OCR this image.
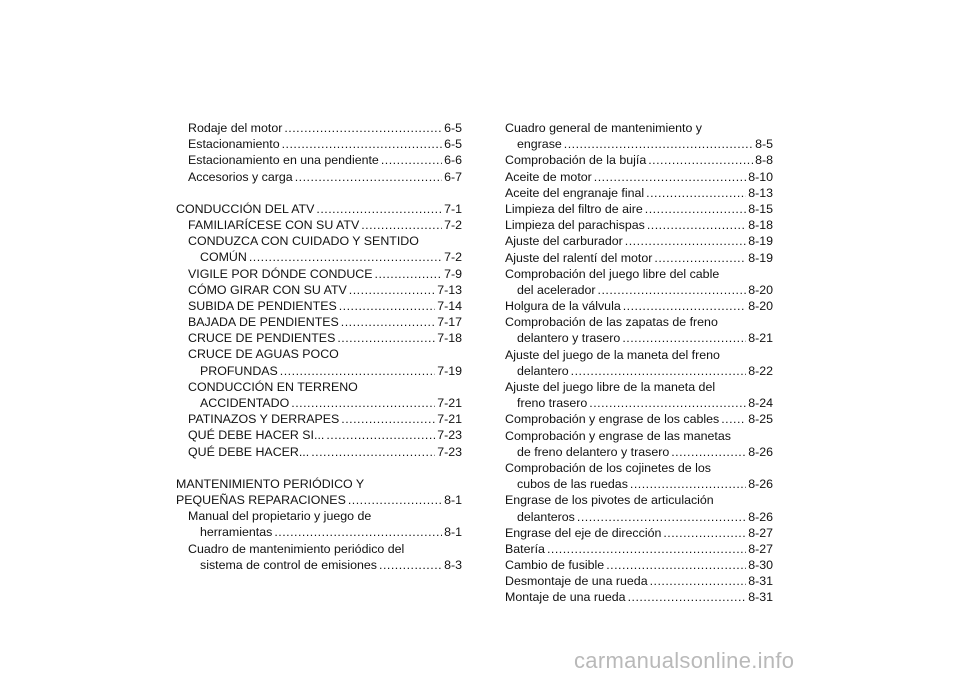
Rodaje del motor .....	6-5
Estacionamiento .....	6-5
Estacionamiento en una pendiente .....	6-6
Accesorios y carga .....	6-7
CONDUCCIÓN DEL ATV .....	7-1
FAMILIARÍCESE CON SU ATV .....	7-2
CONDUZCA CON CUIDADO Y SENTIDO
COMÚN .....	7-2
VIGILE POR DÓNDE CONDUCE .....	7-9
CÓMO GIRAR CON SU ATV .....	7-13
SUBIDA DE PENDIENTES .....	7-14
BAJADA DE PENDIENTES .....	7-17
CRUCE DE PENDIENTES .....	7-18
CRUCE DE AGUAS POCO
PROFUNDAS .....	7-19
CONDUCCIÓN EN TERRENO
ACCIDENTADO .....	7-21
PATINAZOS Y DERRAPES .....	7-21
QUÉ DEBE HACER SI... .....	7-23
QUÉ DEBE HACER... .....	7-23
MANTENIMIENTO PERIÓDICO Y
PEQUEÑAS REPARACIONES .....	8-1
Manual del propietario y juego de
herramientas .....	8-1
Cuadro de mantenimiento periódico del
sistema de control de emisiones .....	8-3
Cuadro general de mantenimiento y
engrase .....	8-5
Comprobación de la bujía .....	8-8
Aceite de motor .....	8-10
Aceite del engranaje final .....	8-13
Limpieza del filtro de aire .....	8-15
Limpieza del parachispas .....	8-18
Ajuste del carburador .....	8-19
Ajuste del ralentí del motor .....	8-19
Comprobación del juego libre del cable
del acelerador .....	8-20
Holgura de la válvula .....	8-20
Comprobación de las zapatas de freno
delantero y trasero .....	8-21
Ajuste del juego de la maneta del freno
delantero .....	8-22
Ajuste del juego libre de la maneta del
freno trasero .....	8-24
Comprobación y engrase de los cables ..... 8-25
Comprobación y engrase de las manetas
de freno delantero y trasero .....	8-26
Comprobación de los cojinetes de los
cubos de las ruedas .....	8-26
Engrase de los pivotes de articulación
delanteros .....	8-26
Engrase del eje de dirección .....	8-27
Batería .....	8-27
Cambio de fusible .....	8-30
Desmontaje de una rueda .....	8-31
Montaje de una rueda .....	8-31
carmanualsonline.info
